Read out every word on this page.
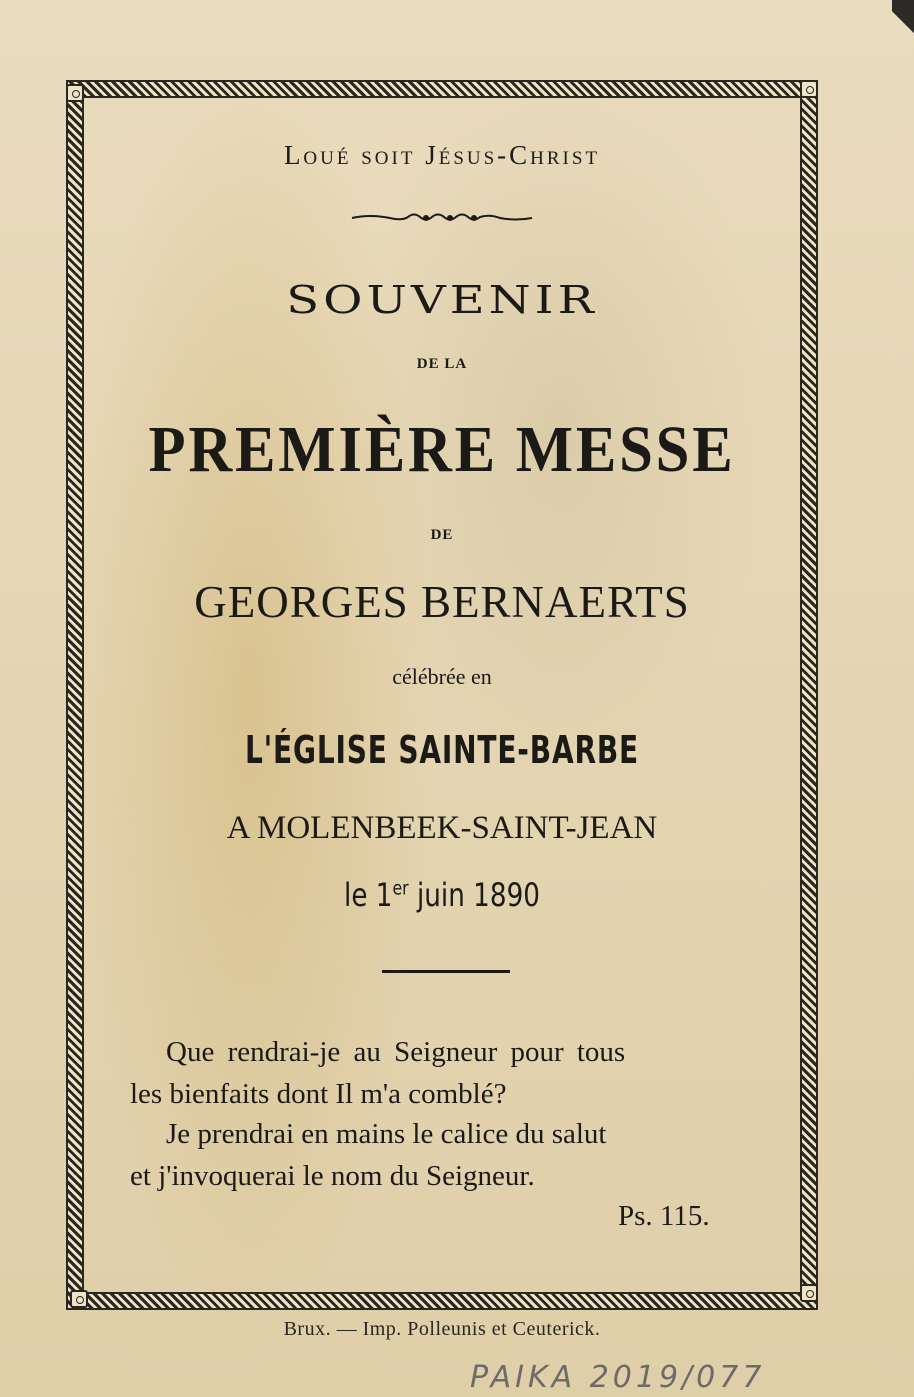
Loué soit Jésus-Christ

SOUVENIR

DE LA

PREMIÈRE MESSE

DE

GEORGES BERNAERTS

célébrée en

L'ÉGLISE SAINTE-BARBE

A MOLENBEEK-SAINT-JEAN

le 1er juin 1890

Que rendrai-je au Seigneur pour tous

les bienfaits dont Il m'a comblé?

Je prendrai en mains le calice du salut

et j'invoquerai le nom du Seigneur.

Ps. 115.

Brux. — Imp. Polleunis et Ceuterick.

PAIKA 2019/077
